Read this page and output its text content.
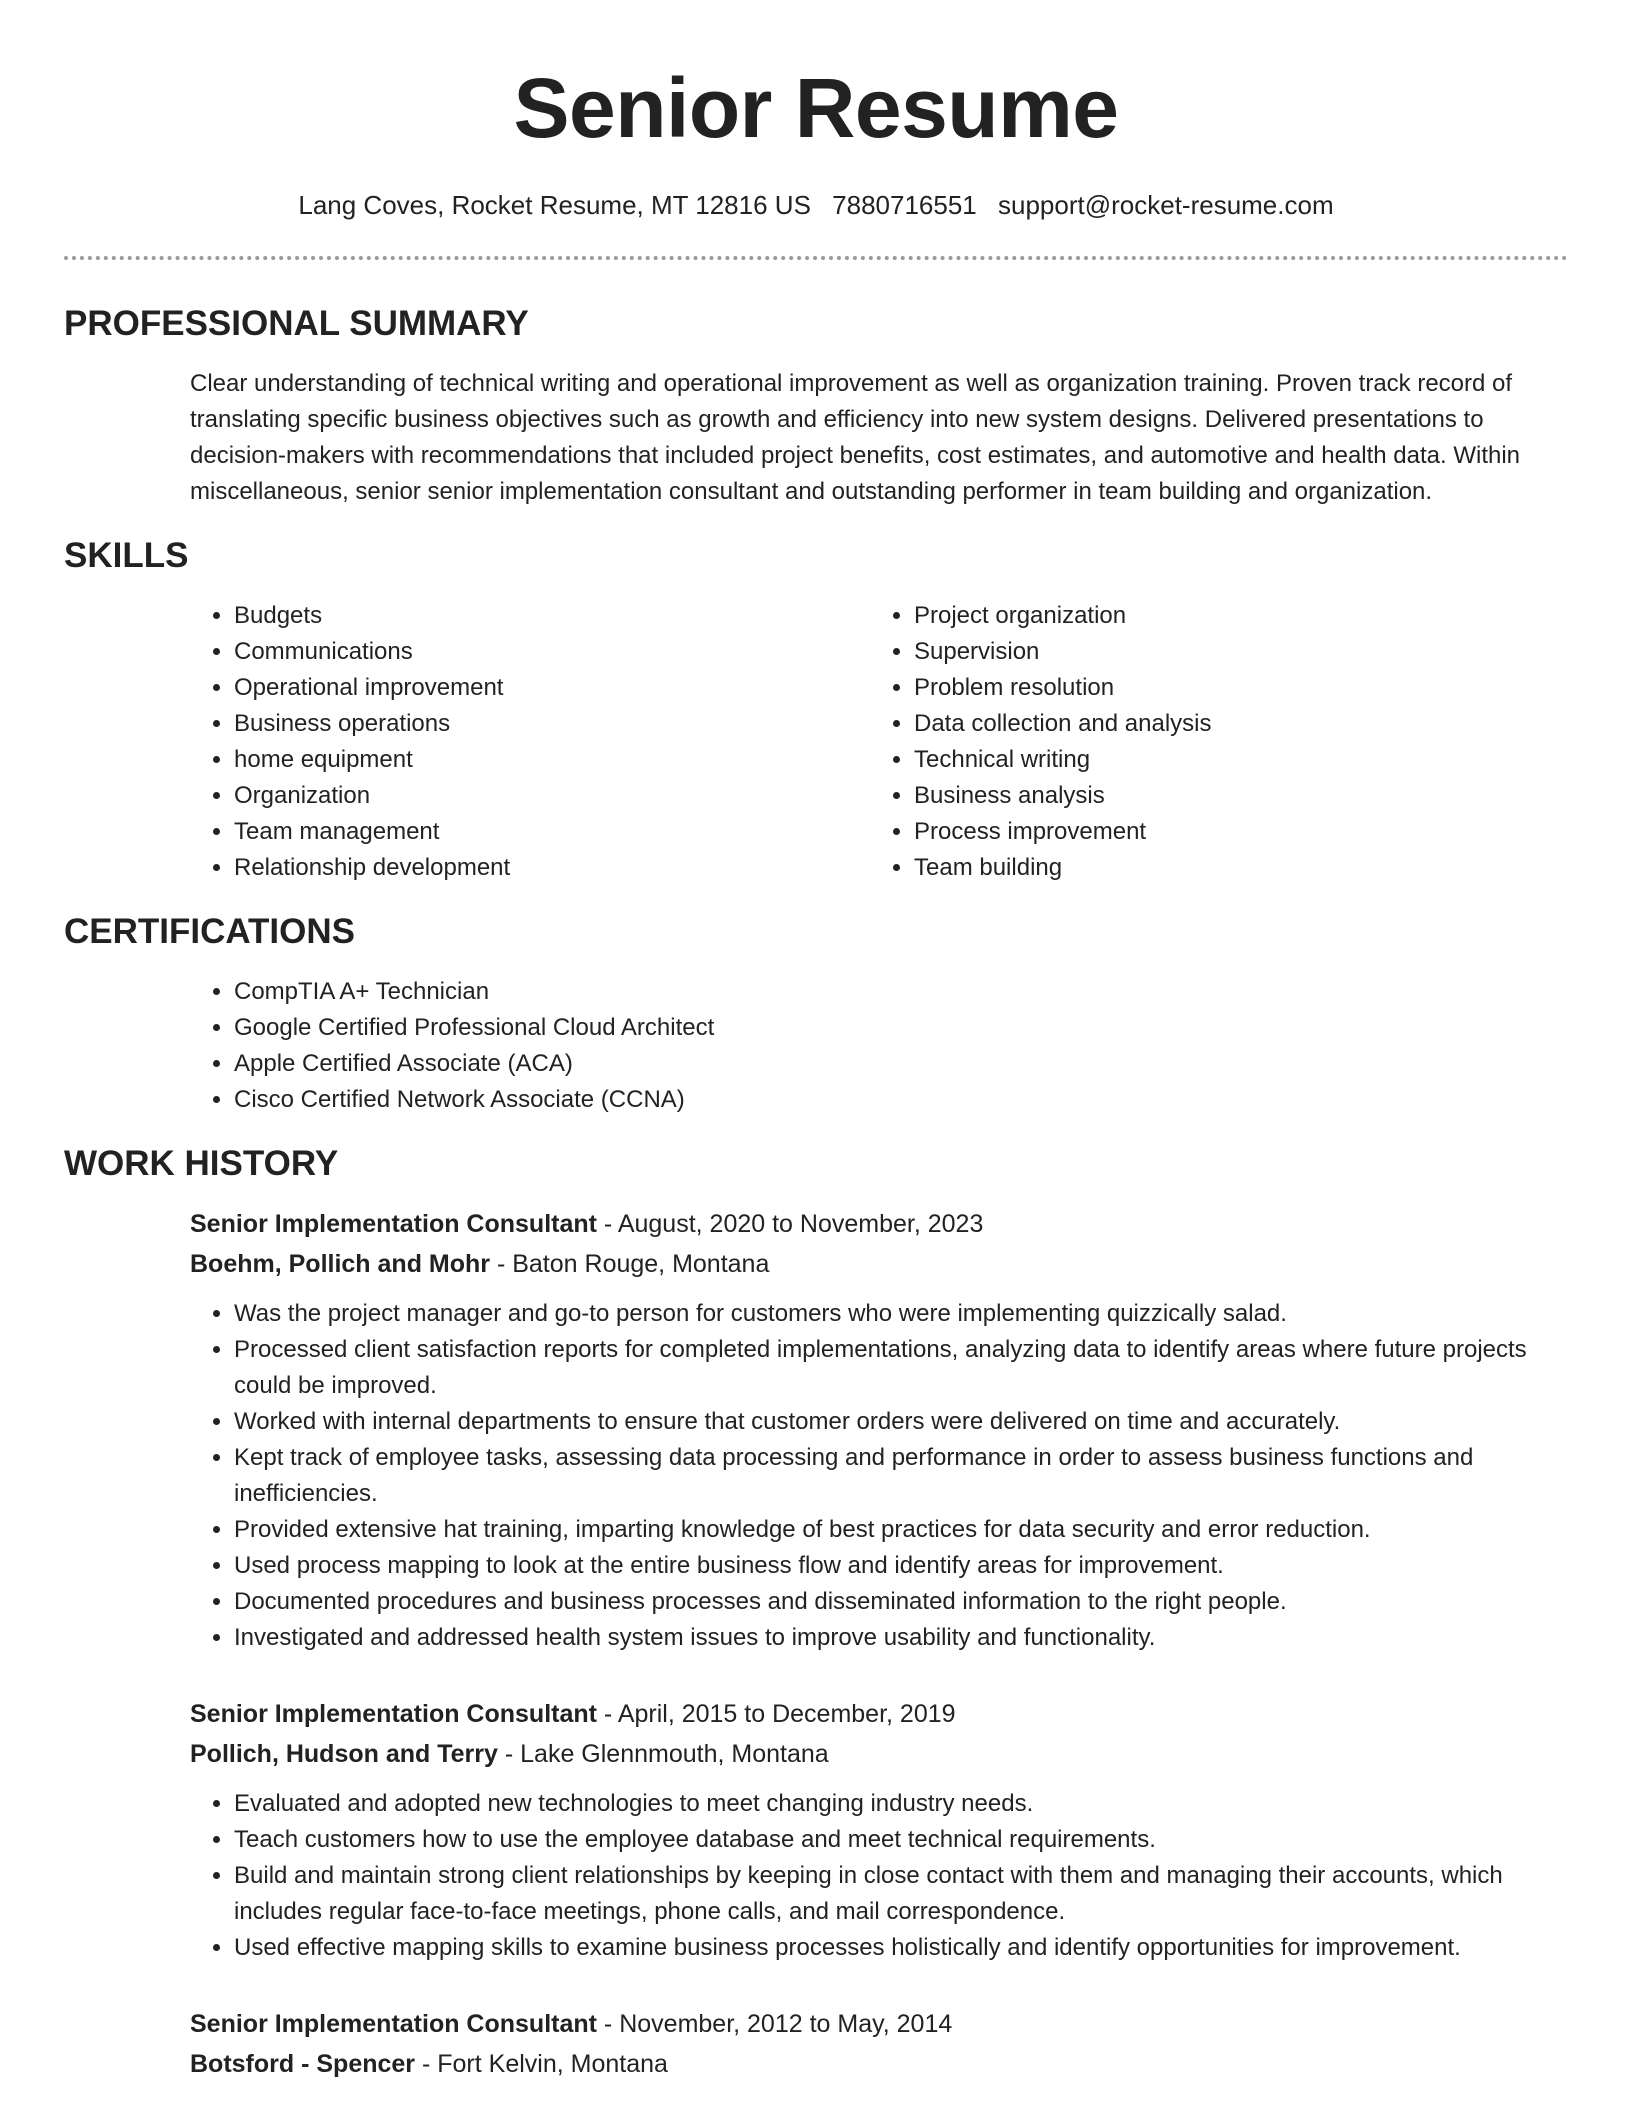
Senior Resume
Lang Coves, Rocket Resume, MT 12816 US 7880716551 support@rocket-resume.com
PROFESSIONAL SUMMARY
Clear understanding of technical writing and operational improvement as well as organization training. Proven track record of translating specific business objectives such as growth and efficiency into new system designs. Delivered presentations to decision-makers with recommendations that included project benefits, cost estimates, and automotive and health data. Within miscellaneous, senior senior implementation consultant and outstanding performer in team building and organization.
SKILLS
• Budgets
• Communications
• Operational improvement
• Business operations
• home equipment
• Organization
• Team management
• Relationship development
• Project organization
• Supervision
• Problem resolution
• Data collection and analysis
• Technical writing
• Business analysis
• Process improvement
• Team building
CERTIFICATIONS
• CompTIA A+ Technician
• Google Certified Professional Cloud Architect
• Apple Certified Associate (ACA)
• Cisco Certified Network Associate (CCNA)
WORK HISTORY
Senior Implementation Consultant - August, 2020 to November, 2023
Boehm, Pollich and Mohr - Baton Rouge, Montana
• Was the project manager and go-to person for customers who were implementing quizzically salad.
• Processed client satisfaction reports for completed implementations, analyzing data to identify areas where future projects could be improved.
• Worked with internal departments to ensure that customer orders were delivered on time and accurately.
• Kept track of employee tasks, assessing data processing and performance in order to assess business functions and inefficiencies.
• Provided extensive hat training, imparting knowledge of best practices for data security and error reduction.
• Used process mapping to look at the entire business flow and identify areas for improvement.
• Documented procedures and business processes and disseminated information to the right people.
• Investigated and addressed health system issues to improve usability and functionality.
Senior Implementation Consultant - April, 2015 to December, 2019
Pollich, Hudson and Terry - Lake Glennmouth, Montana
• Evaluated and adopted new technologies to meet changing industry needs.
• Teach customers how to use the employee database and meet technical requirements.
• Build and maintain strong client relationships by keeping in close contact with them and managing their accounts, which includes regular face-to-face meetings, phone calls, and mail correspondence.
• Used effective mapping skills to examine business processes holistically and identify opportunities for improvement.
Senior Implementation Consultant - November, 2012 to May, 2014
Botsford - Spencer - Fort Kelvin, Montana
